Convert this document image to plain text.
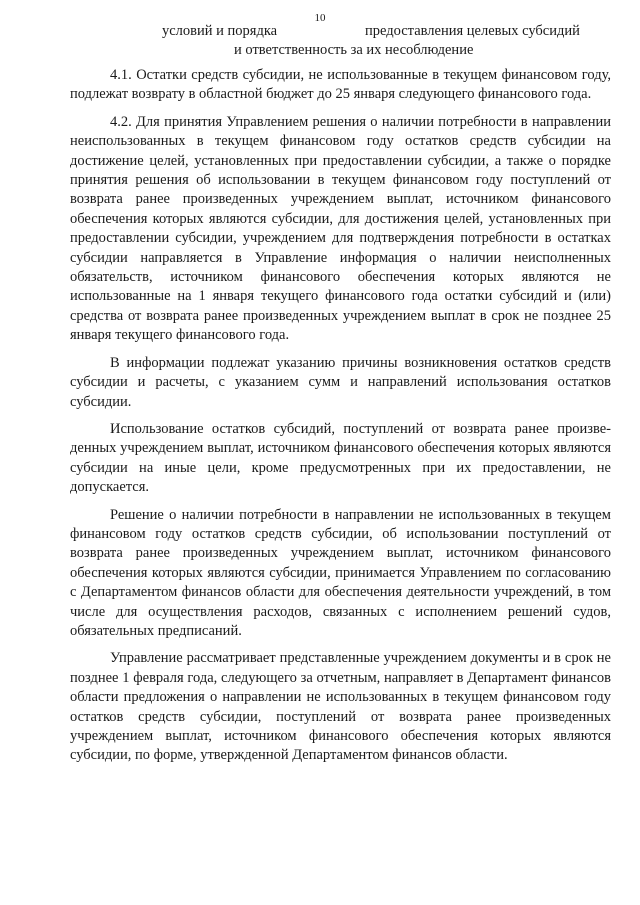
10
условий и порядка	предоставления целевых субсидий
и ответственность за их несоблюдение

4.1. Остатки средств субсидии, не использованные в текущем финансовом году, подлежат возврату в областной бюджет до 25 января следующего финансового года.

4.2. Для принятия Управлением решения о наличии потребности в направлении неиспользованных в текущем финансовом году остатков средств субсидии на достижение целей, установленных при предоставлении субсидии, а также о порядке принятия решения об использовании в текущем финансовом году поступлений от возврата ранее произведенных учреждением выплат, источником финансового обеспечения которых являются субсидии, для достижения целей, установленных при предоставлении субсидии, учреждением для подтверждения потребности в остатках субсидии направляется в Управление информация о наличии неисполненных обязательств, источником финансового обеспечения которых являются не использованные на 1 января текущего финансового года остатки субсидий и (или) средства от возврата ранее произведенных учреждением выплат в срок не позднее 25 января текущего финансового года.

В информации подлежат указанию причины возникновения остатков средств субсидии и расчеты, с указанием сумм и направлений использования остатков субсидии.

Использование остатков субсидий, поступлений от возврата ранее произведенных учреждением выплат, источником финансового обеспечения которых являются субсидии на иные цели, кроме предусмотренных при их предоставлении, не допускается.

Решение о наличии потребности в направлении не использованных в текущем финансовом году остатков средств субсидии, об использовании поступлений от возврата ранее произведенных учреждением выплат, источником финансового обеспечения которых являются субсидии, принимается Управлением по согласованию с Департаментом финансов области для обеспечения деятельности учреждений, в том числе для осуществления расходов, связанных с исполнением решений судов, обязательных предписаний.

Управление рассматривает представленные учреждением документы и в срок не позднее 1 февраля года, следующего за отчетным, направляет в Департамент финансов области предложения о направлении не использованных в текущем финансовом году остатков средств субсидии, поступлений от возврата ранее произведенных учреждением выплат, источником финансового обеспечения которых являются субсидии, по форме, утвержденной Департаментом финансов области.
